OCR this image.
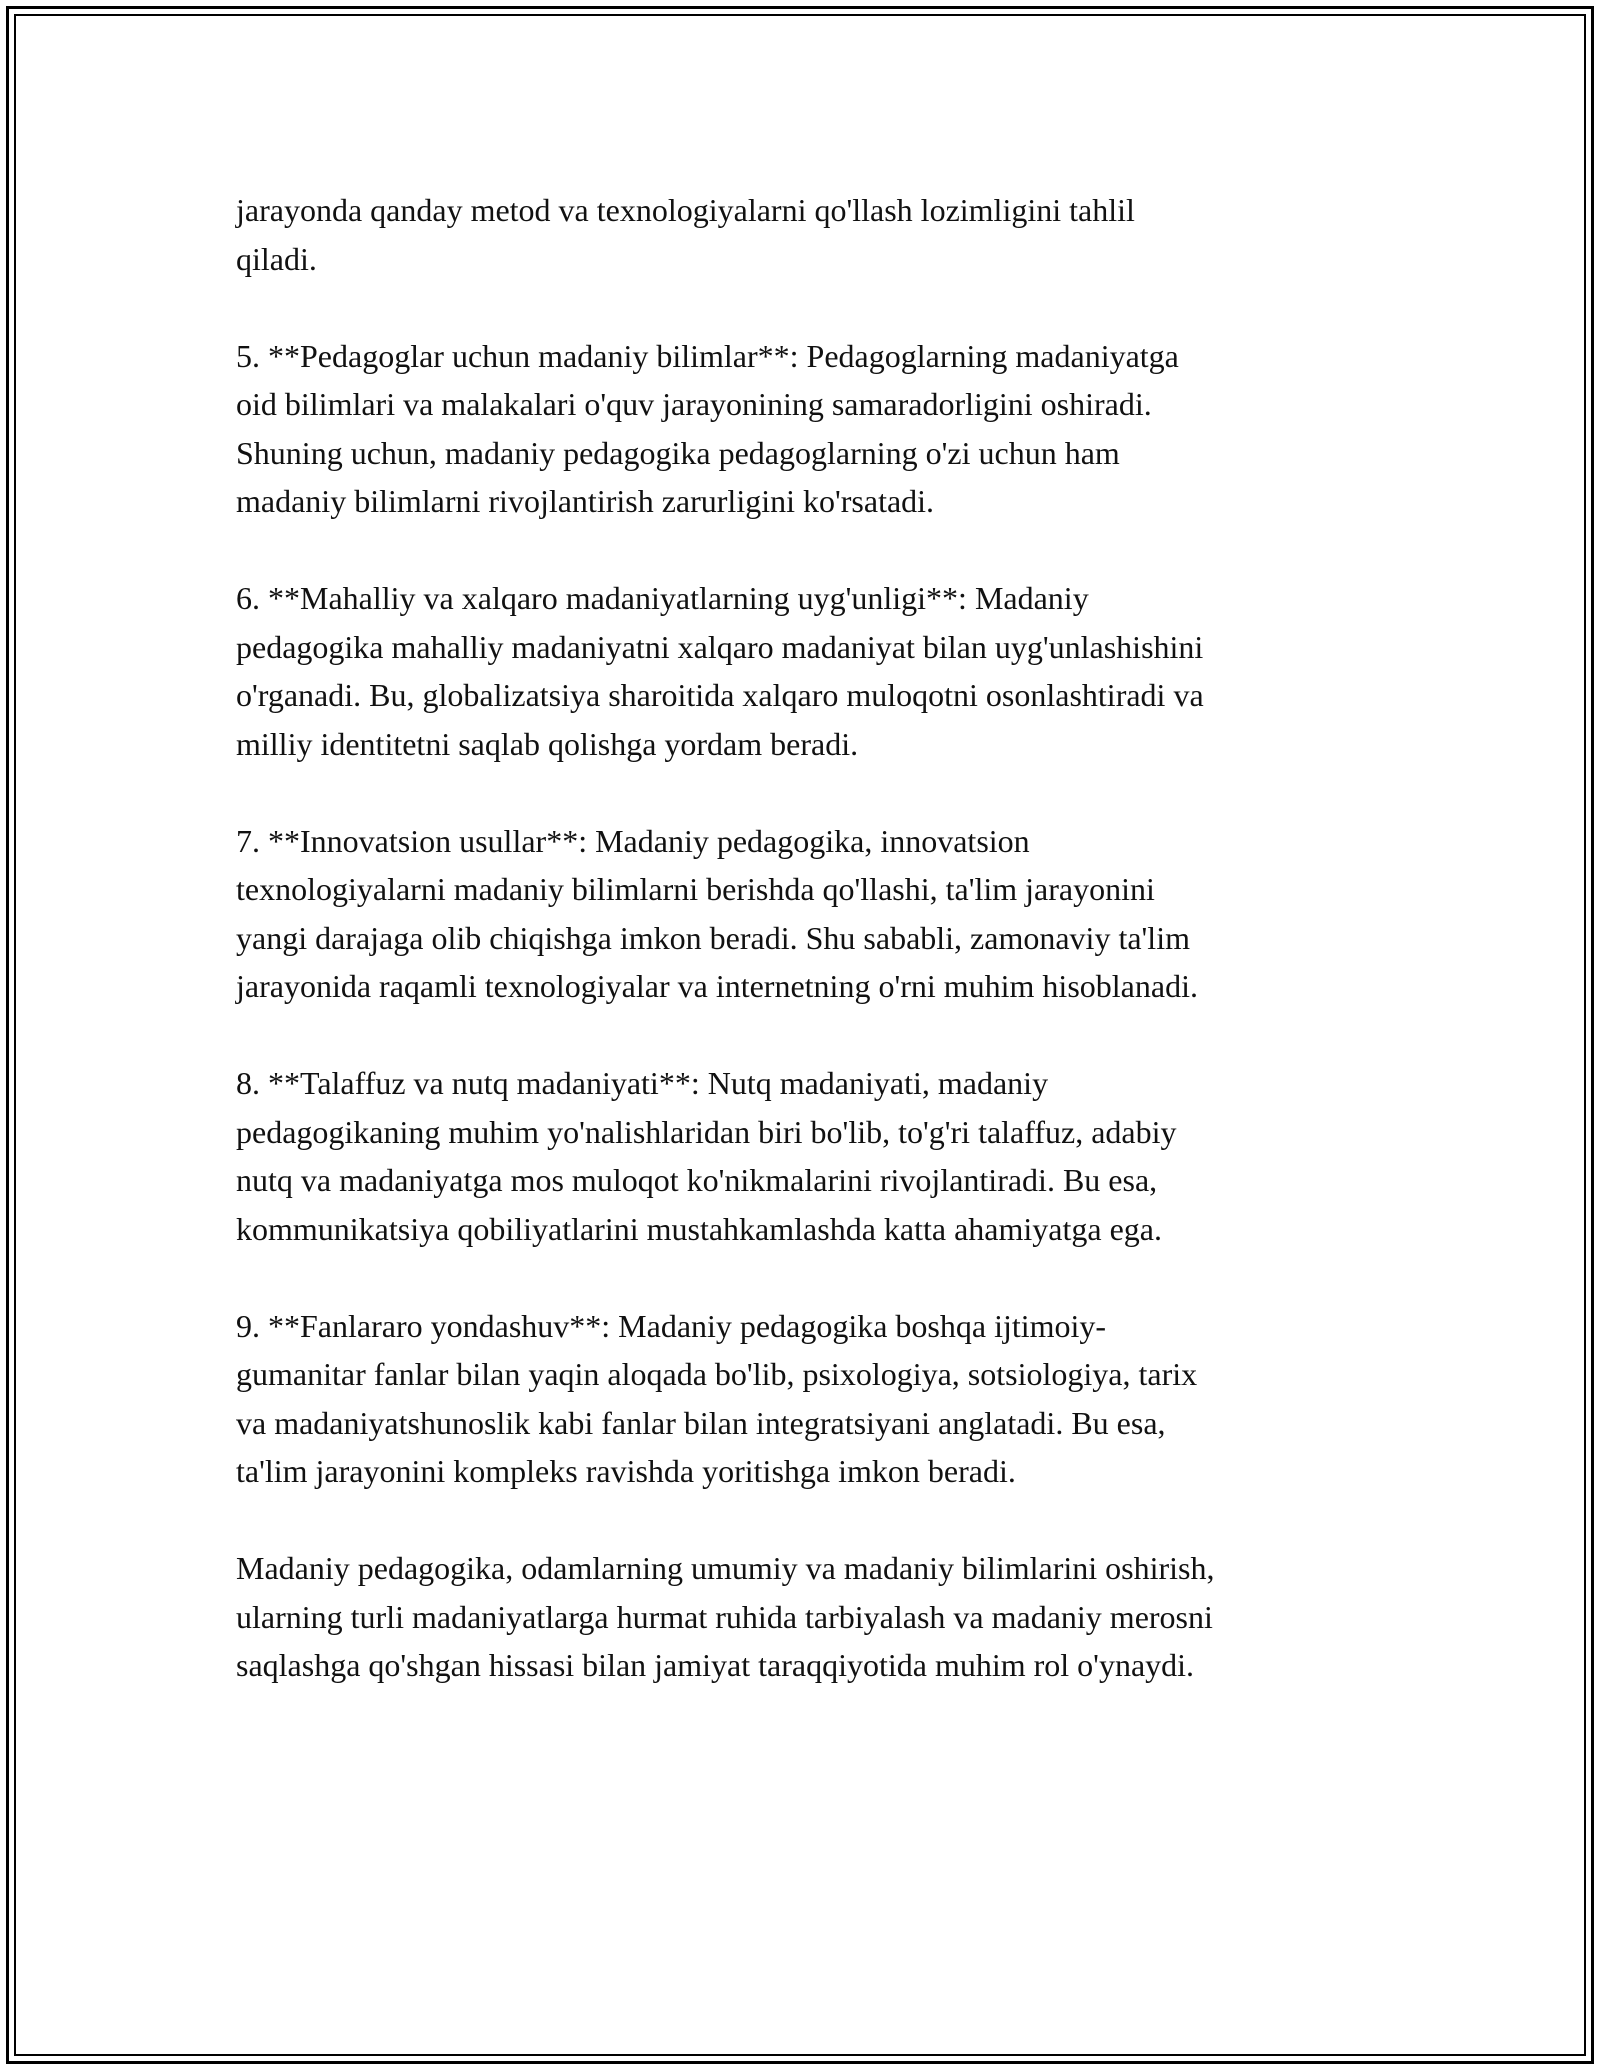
jarayonda qanday metod va texnologiyalarni qo'llash lozimligini tahlil
qiladi.

5. **Pedagoglar uchun madaniy bilimlar**: Pedagoglarning madaniyatga
oid bilimlari va malakalari o'quv jarayonining samaradorligini oshiradi.
Shuning uchun, madaniy pedagogika pedagoglarning o'zi uchun ham
madaniy bilimlarni rivojlantirish zarurligini ko'rsatadi.

6. **Mahalliy va xalqaro madaniyatlarning uyg'unligi**: Madaniy
pedagogika mahalliy madaniyatni xalqaro madaniyat bilan uyg'unlashishini
o'rganadi. Bu, globalizatsiya sharoitida xalqaro muloqotni osonlashtiradi va
milliy identitetni saqlab qolishga yordam beradi.

7. **Innovatsion usullar**: Madaniy pedagogika, innovatsion
texnologiyalarni madaniy bilimlarni berishda qo'llashi, ta'lim jarayonini
yangi darajaga olib chiqishga imkon beradi. Shu sababli, zamonaviy ta'lim
jarayonida raqamli texnologiyalar va internetning o'rni muhim hisoblanadi.

8. **Talaffuz va nutq madaniyati**: Nutq madaniyati, madaniy
pedagogikaning muhim yo'nalishlaridan biri bo'lib, to'g'ri talaffuz, adabiy
nutq va madaniyatga mos muloqot ko'nikmalarini rivojlantiradi. Bu esa,
kommunikatsiya qobiliyatlarini mustahkamlashda katta ahamiyatga ega.

9. **Fanlararo yondashuv**: Madaniy pedagogika boshqa ijtimoiy-
gumanitar fanlar bilan yaqin aloqada bo'lib, psixologiya, sotsiologiya, tarix
va madaniyatshunoslik kabi fanlar bilan integratsiyani anglatadi. Bu esa,
ta'lim jarayonini kompleks ravishda yoritishga imkon beradi.

Madaniy pedagogika, odamlarning umumiy va madaniy bilimlarini oshirish,
ularning turli madaniyatlarga hurmat ruhida tarbiyalash va madaniy merosni
saqlashga qo'shgan hissasi bilan jamiyat taraqqiyotida muhim rol o'ynaydi.
